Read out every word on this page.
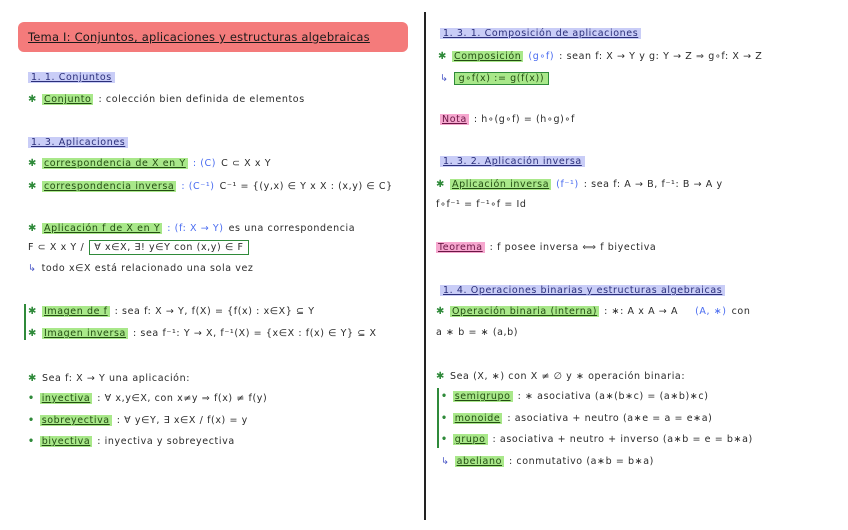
Tema I: Conjuntos, aplicaciones y estructuras algebraicas
1. 1. Conjuntos
✱ Conjunto : colección bien definida de elementos
1. 3. Aplicaciones
✱ correspondencia de X en Y : (C) C ⊂ X x Y
✱ correspondencia inversa : (C⁻¹) C⁻¹ = {(y,x) ∈ Y x X : (x,y) ∈ C}
✱ Aplicación f de X en Y : (f: X → Y) es una correspondencia
F ⊂ X x Y /	∀ x∈X, ∃! y∈Y con (x,y) ∈ F
↳ todo x∈X está relacionado una sola vez
✱ Imagen de f : sea f: X → Y, f(X) = {f(x) : x∈X} ⊆ Y
✱ Imagen inversa : sea f⁻¹: Y → X, f⁻¹(X) = {x∈X : f(x) ∈ Y} ⊆ X
✱ Sea f: X → Y una aplicación:
• inyectiva : ∀ x,y∈X, con x≠y ⇒ f(x) ≠ f(y)
• sobreyectiva : ∀ y∈Y, ∃ x∈X / f(x) = y
• biyectiva : inyectiva y sobreyectiva
1. 3. 1. Composición de aplicaciones
✱ Composición (g∘f) : sean f: X → Y y g: Y → Z ⇒ g∘f: X → Z
↳	g∘f(x) := g(f(x))
Nota : h∘(g∘f) = (h∘g)∘f
1. 3. 2. Aplicación inversa
✱ Aplicación inversa (f⁻¹) : sea f: A → B, f⁻¹: B → A y
f∘f⁻¹ = f⁻¹∘f = Id
Teorema : f posee inversa ⟺ f biyectiva
1. 4. Operaciones binarias y estructuras algebraicas
✱ Operación binaria (interna) : ∗: A x A → A (A, ∗) con
a ∗ b = ∗ (a,b)
✱ Sea (X, ∗) con X ≠ ∅ y ∗ operación binaria:
• semigrupo : ∗ asociativa (a∗(b∗c) = (a∗b)∗c)
• monoide : asociativa + neutro (a∗e = a = e∗a)
• grupo : asociativa + neutro + inverso (a∗b = e = b∗a)
↳ abeliano : conmutativo (a∗b = b∗a)
